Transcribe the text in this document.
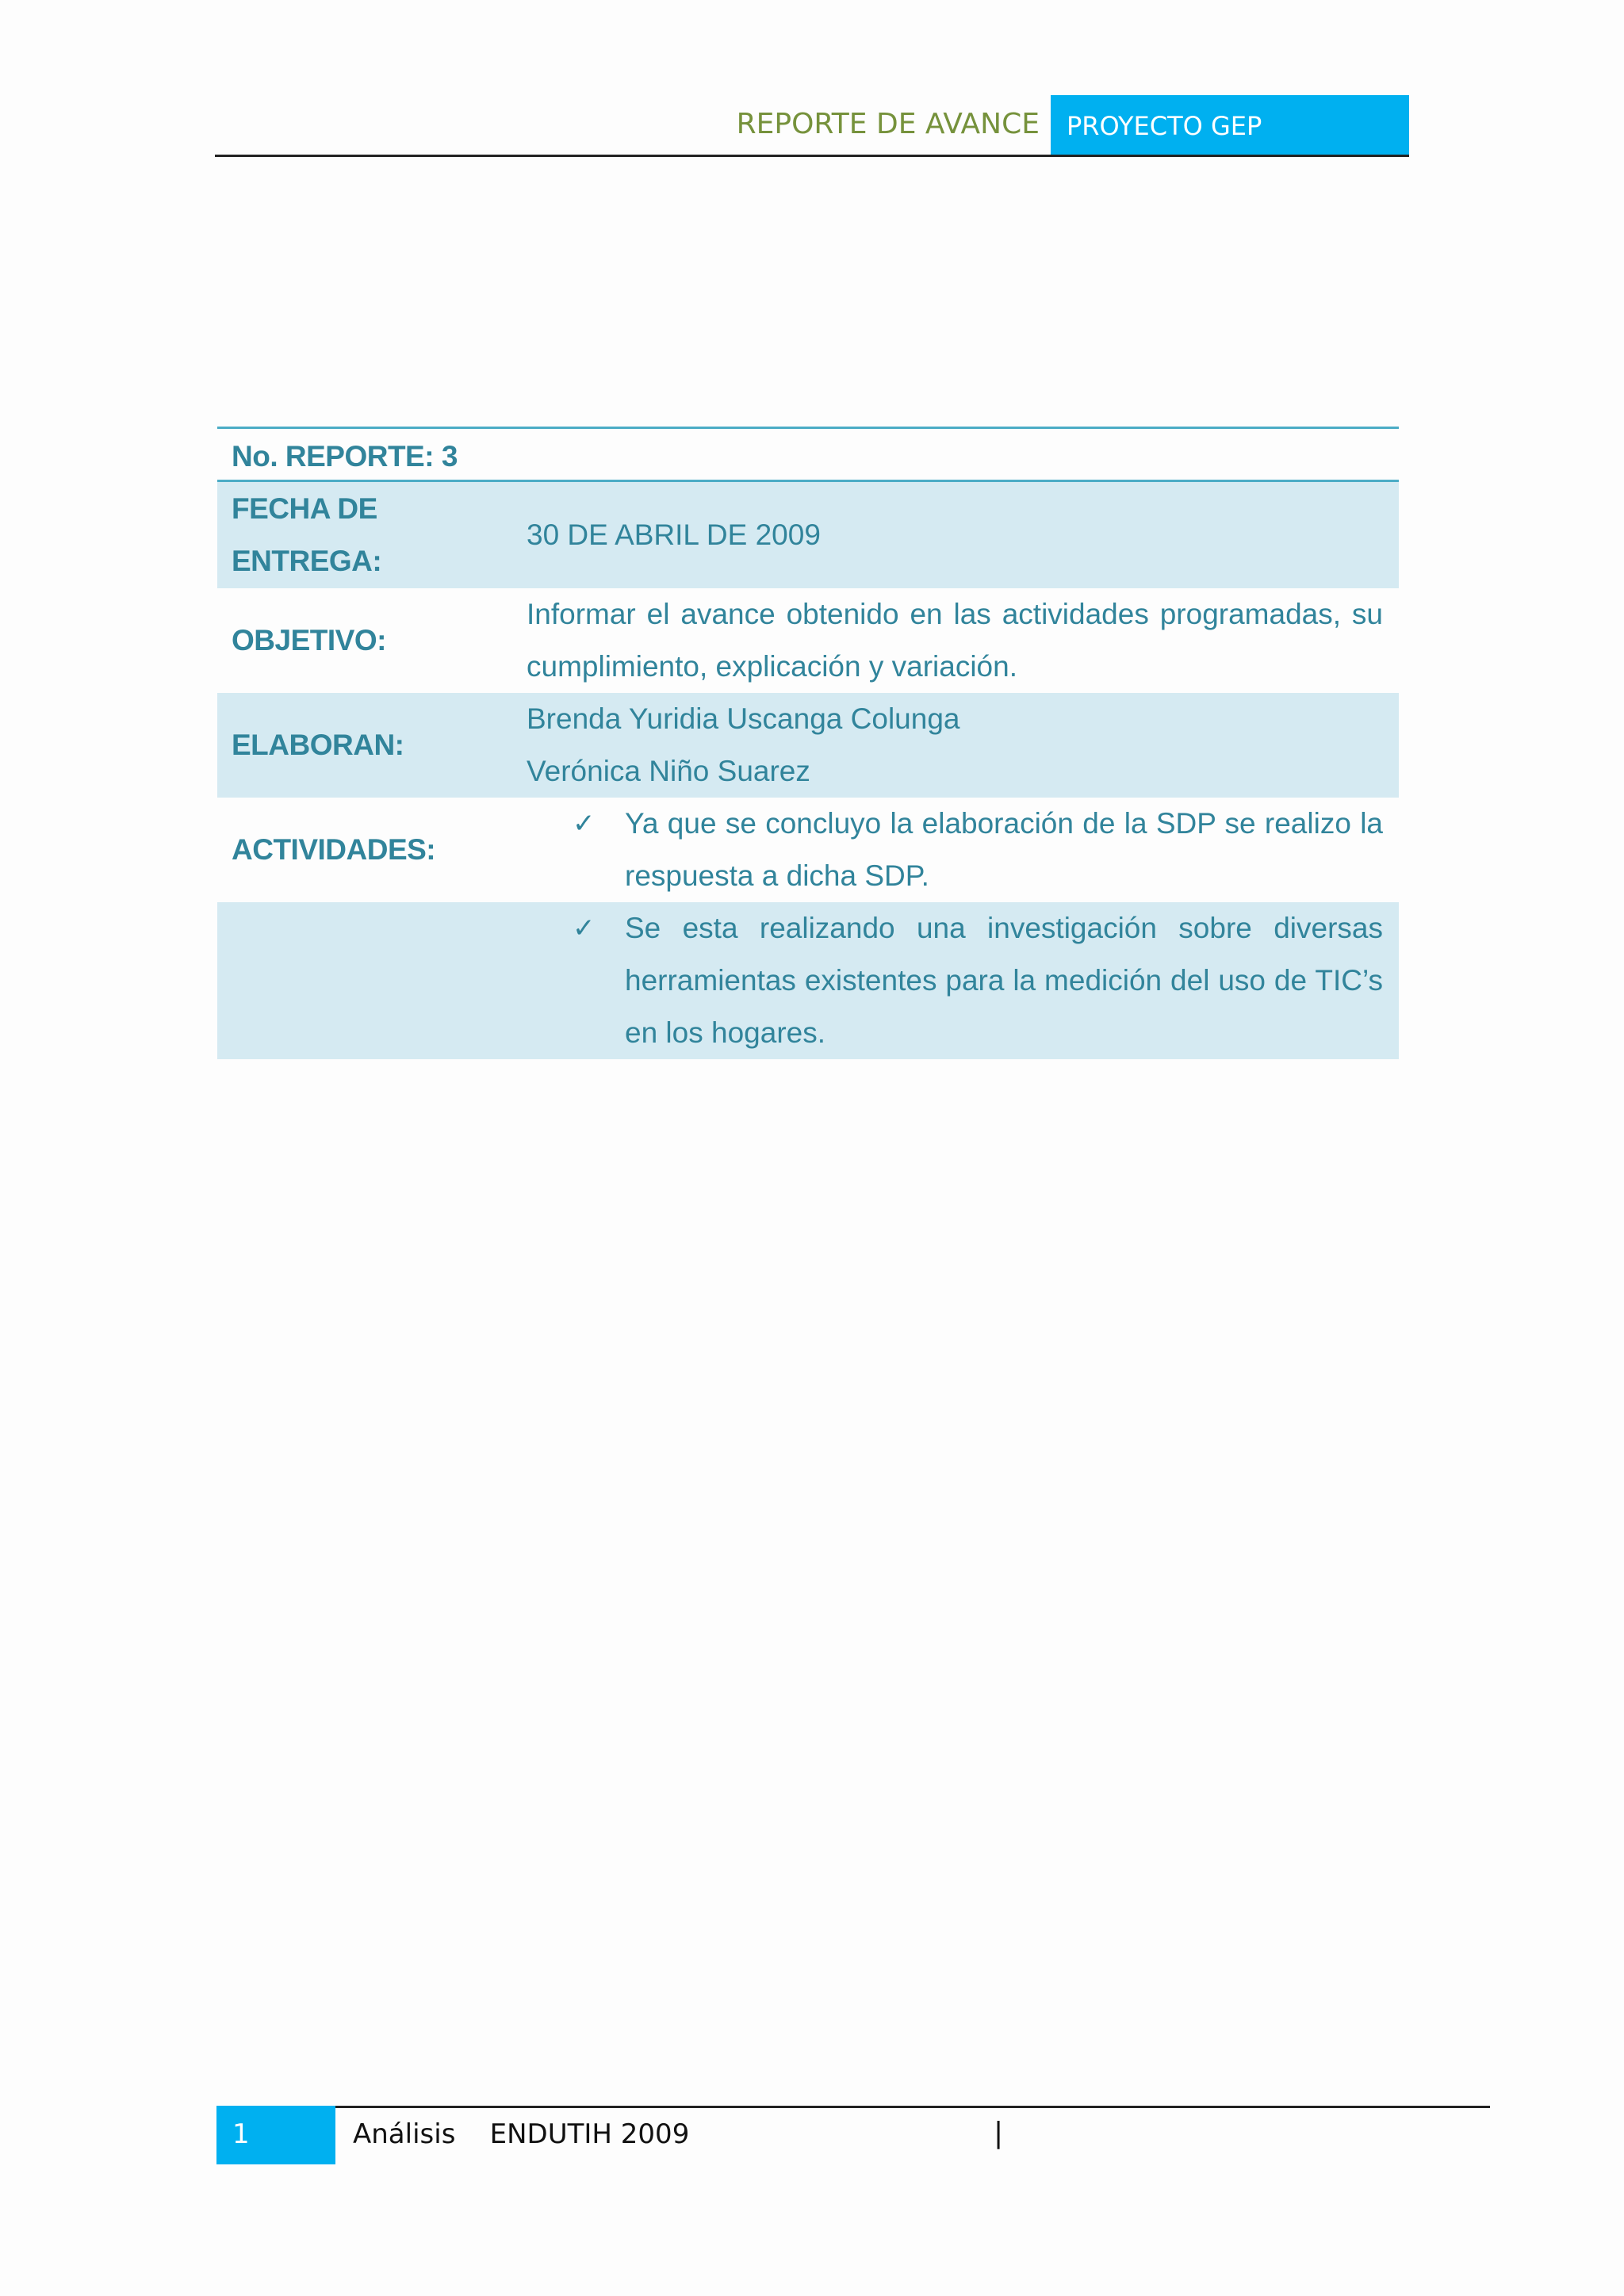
REPORTE DE AVANCE PROYECTO GEP
No. REPORTE: 3
FECHA DE ENTREGA:
30 DE ABRIL DE 2009
OBJETIVO:
Informar el avance obtenido en las actividades programadas, su cumplimiento, explicación y variación.
ELABORAN:
Brenda Yuridia Uscanga Colunga
Verónica Niño Suarez
ACTIVIDADES:
✓ Ya que se concluyo la elaboración de la SDP se realizo la respuesta a dicha SDP.
✓ Se esta realizando una investigación sobre diversas herramientas existentes para la medición del uso de TIC’s en los hogares.
1	Análisis    ENDUTIH 2009	|
